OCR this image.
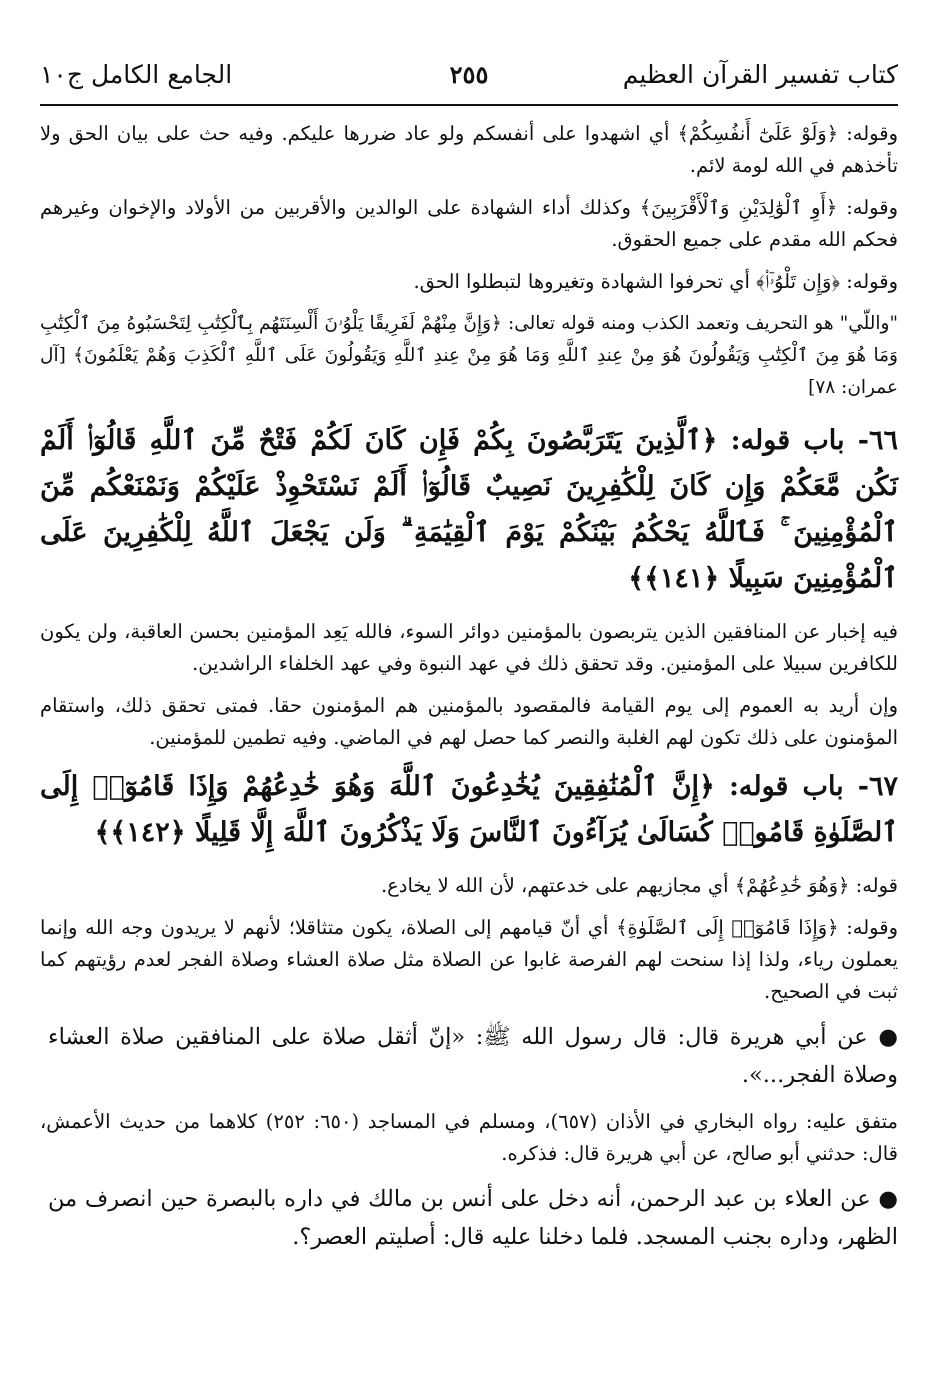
كتاب تفسير القرآن العظيم
٢٥٥
الجامع الكامل ج١٠

وقوله: ﴿وَلَوْ عَلَىٰٓ أَنفُسِكُمْ﴾ أي اشهدوا على أنفسكم ولو عاد ضررها عليكم. وفيه حث على بيان الحق ولا تأخذهم في الله لومة لائم.

وقوله: ﴿أَوِ ٱلْوَٰلِدَيْنِ وَٱلْأَقْرَبِينَ﴾ وكذلك أداء الشهادة على الوالدين والأقربين من الأولاد والإخوان وغيرهم فحكم الله مقدم على جميع الحقوق.

وقوله: ﴿وَإِن تَلْوُۥٓا۟﴾ أي تحرفوا الشهادة وتغيروها لتبطلوا الحق.

"واللّي" هو التحريف وتعمد الكذب ومنه قوله تعالى: ﴿وَإِنَّ مِنْهُمْ لَفَرِيقًا يَلْوُۥنَ أَلْسِنَتَهُم بِٱلْكِتَٰبِ لِتَحْسَبُوهُ مِنَ ٱلْكِتَٰبِ وَمَا هُوَ مِنَ ٱلْكِتَٰبِ وَيَقُولُونَ هُوَ مِنْ عِندِ ٱللَّهِ وَمَا هُوَ مِنْ عِندِ ٱللَّهِ وَيَقُولُونَ عَلَى ٱللَّهِ ٱلْكَذِبَ وَهُمْ يَعْلَمُونَ﴾ [آل عمران: ٧٨]

٦٦- باب قوله: ﴿ٱلَّذِينَ يَتَرَبَّصُونَ بِكُمْ فَإِن كَانَ لَكُمْ فَتْحٌ مِّنَ ٱللَّهِ قَالُوٓا۟ أَلَمْ نَكُن مَّعَكُمْ وَإِن كَانَ لِلْكَٰفِرِينَ نَصِيبٌ قَالُوٓا۟ أَلَمْ نَسْتَحْوِذْ عَلَيْكُمْ وَنَمْنَعْكُم مِّنَ ٱلْمُؤْمِنِينَ ۚ فَٱللَّهُ يَحْكُمُ بَيْنَكُمْ يَوْمَ ٱلْقِيَٰمَةِ ۗ وَلَن يَجْعَلَ ٱللَّهُ لِلْكَٰفِرِينَ عَلَى ٱلْمُؤْمِنِينَ سَبِيلًا ﴿١٤١﴾﴾

فيه إخبار عن المنافقين الذين يتربصون بالمؤمنين دوائر السوء، فالله يَعِد المؤمنين بحسن العاقبة، ولن يكون للكافرين سبيلا على المؤمنين. وقد تحقق ذلك في عهد النبوة وفي عهد الخلفاء الراشدين.

وإن أريد به العموم إلى يوم القيامة فالمقصود بالمؤمنين هم المؤمنون حقا. فمتى تحقق ذلك، واستقام المؤمنون على ذلك تكون لهم الغلبة والنصر كما حصل لهم في الماضي. وفيه تطمين للمؤمنين.

٦٧- باب قوله: ﴿إِنَّ ٱلْمُنَٰفِقِينَ يُخَٰدِعُونَ ٱللَّهَ وَهُوَ خَٰدِعُهُمْ وَإِذَا قَامُوٓا۟ إِلَى ٱلصَّلَوٰةِ قَامُوا۟ كُسَالَىٰ يُرَآءُونَ ٱلنَّاسَ وَلَا يَذْكُرُونَ ٱللَّهَ إِلَّا قَلِيلًا ﴿١٤٢﴾﴾

قوله: ﴿وَهُوَ خَٰدِعُهُمْ﴾ أي مجازيهم على خدعتهم، لأن الله لا يخادع.

وقوله: ﴿وَإِذَا قَامُوٓا۟ إِلَى ٱلصَّلَوٰةِ﴾ أي أنّ قيامهم إلى الصلاة، يكون متثاقلا؛ لأنهم لا يريدون وجه الله وإنما يعملون رياء، ولذا إذا سنحت لهم الفرصة غابوا عن الصلاة مثل صلاة العشاء وصلاة الفجر لعدم رؤيتهم كما ثبت في الصحيح.

● عن أبي هريرة قال: قال رسول الله ﷺ: «إنّ أثقل صلاة على المنافقين صلاة العشاء وصلاة الفجر...».

متفق عليه: رواه البخاري في الأذان (٦٥٧)، ومسلم في المساجد (٦٥٠: ٢٥٢) كلاهما من حديث الأعمش، قال: حدثني أبو صالح، عن أبي هريرة قال: فذكره.

● عن العلاء بن عبد الرحمن، أنه دخل على أنس بن مالك في داره بالبصرة حين انصرف من الظهر، وداره بجنب المسجد. فلما دخلنا عليه قال: أصليتم العصر؟.
